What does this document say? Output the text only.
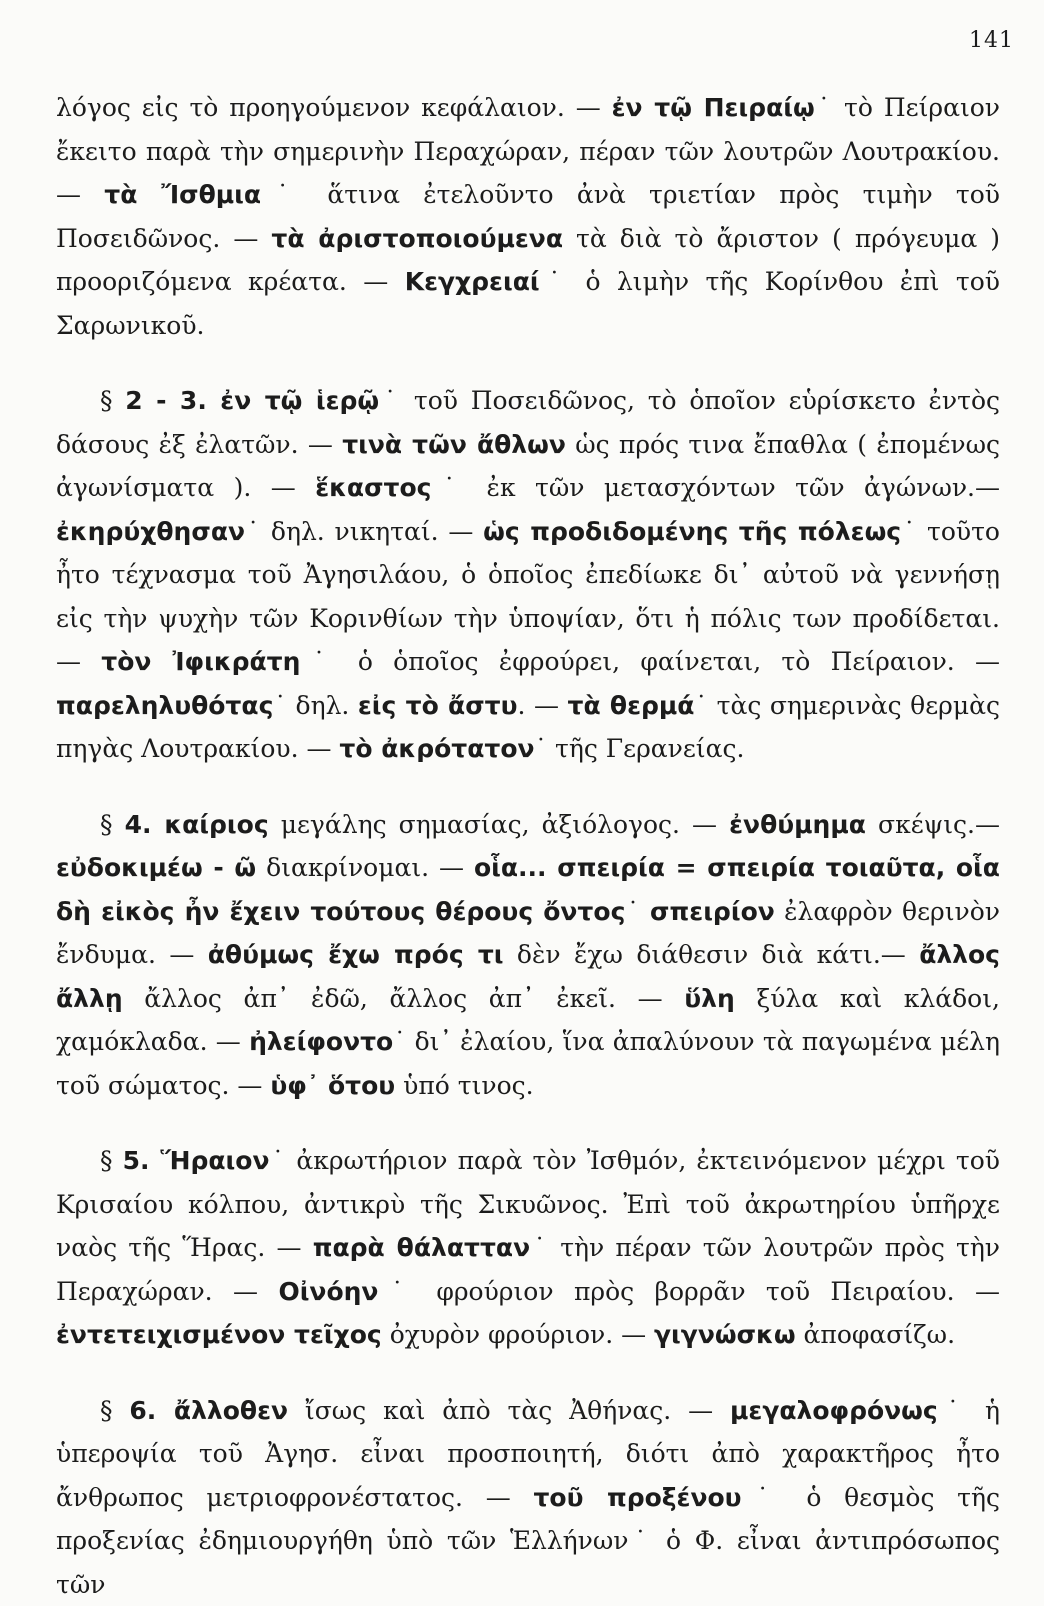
141

λόγος εἰς τὸ προηγούμενον κεφάλαιον. — ἐν τῷ Πειραίῳ˙ τὸ Πείραιον ἔκειτο παρὰ τὴν σημερινὴν Περαχώραν, πέραν τῶν λουτρῶν Λουτρακίου. — τὰ Ἴσθμια˙ ἅτινα ἐτελοῦντο ἀνὰ τριετίαν πρὸς τιμὴν τοῦ Ποσειδῶνος. — τὰ ἀριστοποιούμενα τὰ διὰ τὸ ἄριστον ( πρόγευμα ) προοριζόμενα κρέατα. — Κεγχρειαί˙ ὁ λιμὴν τῆς Κορίνθου ἐπὶ τοῦ Σαρωνικοῦ.

§ 2 - 3. ἐν τῷ ἱερῷ˙ τοῦ Ποσειδῶνος, τὸ ὁποῖον εὑρίσκετο ἐντὸς δάσους ἐξ ἐλατῶν. — τινὰ τῶν ἄθλων ὡς πρός τινα ἔπαθλα ( ἐπομένως ἀγωνίσματα ). — ἕκαστος˙ ἐκ τῶν μετασχόντων τῶν ἀγώνων.— ἐκηρύχθησαν˙ δηλ. νικηταί. — ὡς προδιδομένης τῆς πόλεως˙ τοῦτο ἦτο τέχνασμα τοῦ Ἀγησιλάου, ὁ ὁποῖος ἐπεδίωκε δι᾽ αὐτοῦ νὰ γεννήσῃ εἰς τὴν ψυχὴν τῶν Κορινθίων τὴν ὑποψίαν, ὅτι ἡ πόλις των προδίδεται. — τὸν Ἰφικράτη˙ ὁ ὁποῖος ἐφρούρει, φαίνεται, τὸ Πείραιον. — παρεληλυθότας˙ δηλ. εἰς τὸ ἄστυ. — τὰ θερμά˙ τὰς σημερινὰς θερμὰς πηγὰς Λουτρακίου. — τὸ ἀκρότατον˙ τῆς Γερανείας.

§ 4. καίριος μεγάλης σημασίας, ἀξιόλογος. — ἐνθύμημα σκέψις.— εὐδοκιμέω - ῶ διακρίνομαι. — οἷα... σπειρία = σπειρία τοιαῦτα, οἷα δὴ εἰκὸς ἦν ἔχειν τούτους θέρους ὄντος˙ σπειρίον ἐλαφρὸν θερινὸν ἔνδυμα. — ἀθύμως ἔχω πρός τι δὲν ἔχω διάθεσιν διὰ κάτι.— ἄλλος ἄλλῃ ἄλλος ἀπ᾽ ἐδῶ, ἄλλος ἀπ᾽ ἐκεῖ. — ὕλη ξύλα καὶ κλάδοι, χαμόκλαδα. — ἠλείφοντο˙ δι᾽ ἐλαίου, ἵνα ἀπαλύνουν τὰ παγωμένα μέλη τοῦ σώματος. — ὑφ᾽ ὅτου ὑπό τινος.

§ 5. Ἥραιον˙ ἀκρωτήριον παρὰ τὸν Ἰσθμόν, ἐκτεινόμενον μέχρι τοῦ Κρισαίου κόλπου, ἀντικρὺ τῆς Σικυῶνος. Ἐπὶ τοῦ ἀκρωτηρίου ὑπῆρχε ναὸς τῆς Ἥρας. — παρὰ θάλατταν˙ τὴν πέραν τῶν λουτρῶν πρὸς τὴν Περαχώραν. — Οἰνόην˙ φρούριον πρὸς βορρᾶν τοῦ Πειραίου. — ἐντετειχισμένον τεῖχος ὀχυρὸν φρούριον. — γιγνώσκω ἀποφασίζω.

§ 6. ἄλλοθεν ἴσως καὶ ἀπὸ τὰς Ἀθήνας. — μεγαλοφρόνως˙ ἡ ὑπεροψία τοῦ Ἀγησ. εἶναι προσποιητή, διότι ἀπὸ χαρακτῆρος ἦτο ἄνθρωπος μετριοφρονέστατος. — τοῦ προξένου˙ ὁ θεσμὸς τῆς προξενίας ἐδημιουργήθη ὑπὸ τῶν Ἑλλήνων˙ ὁ Φ. εἶναι ἀντιπρόσωπος τῶν
